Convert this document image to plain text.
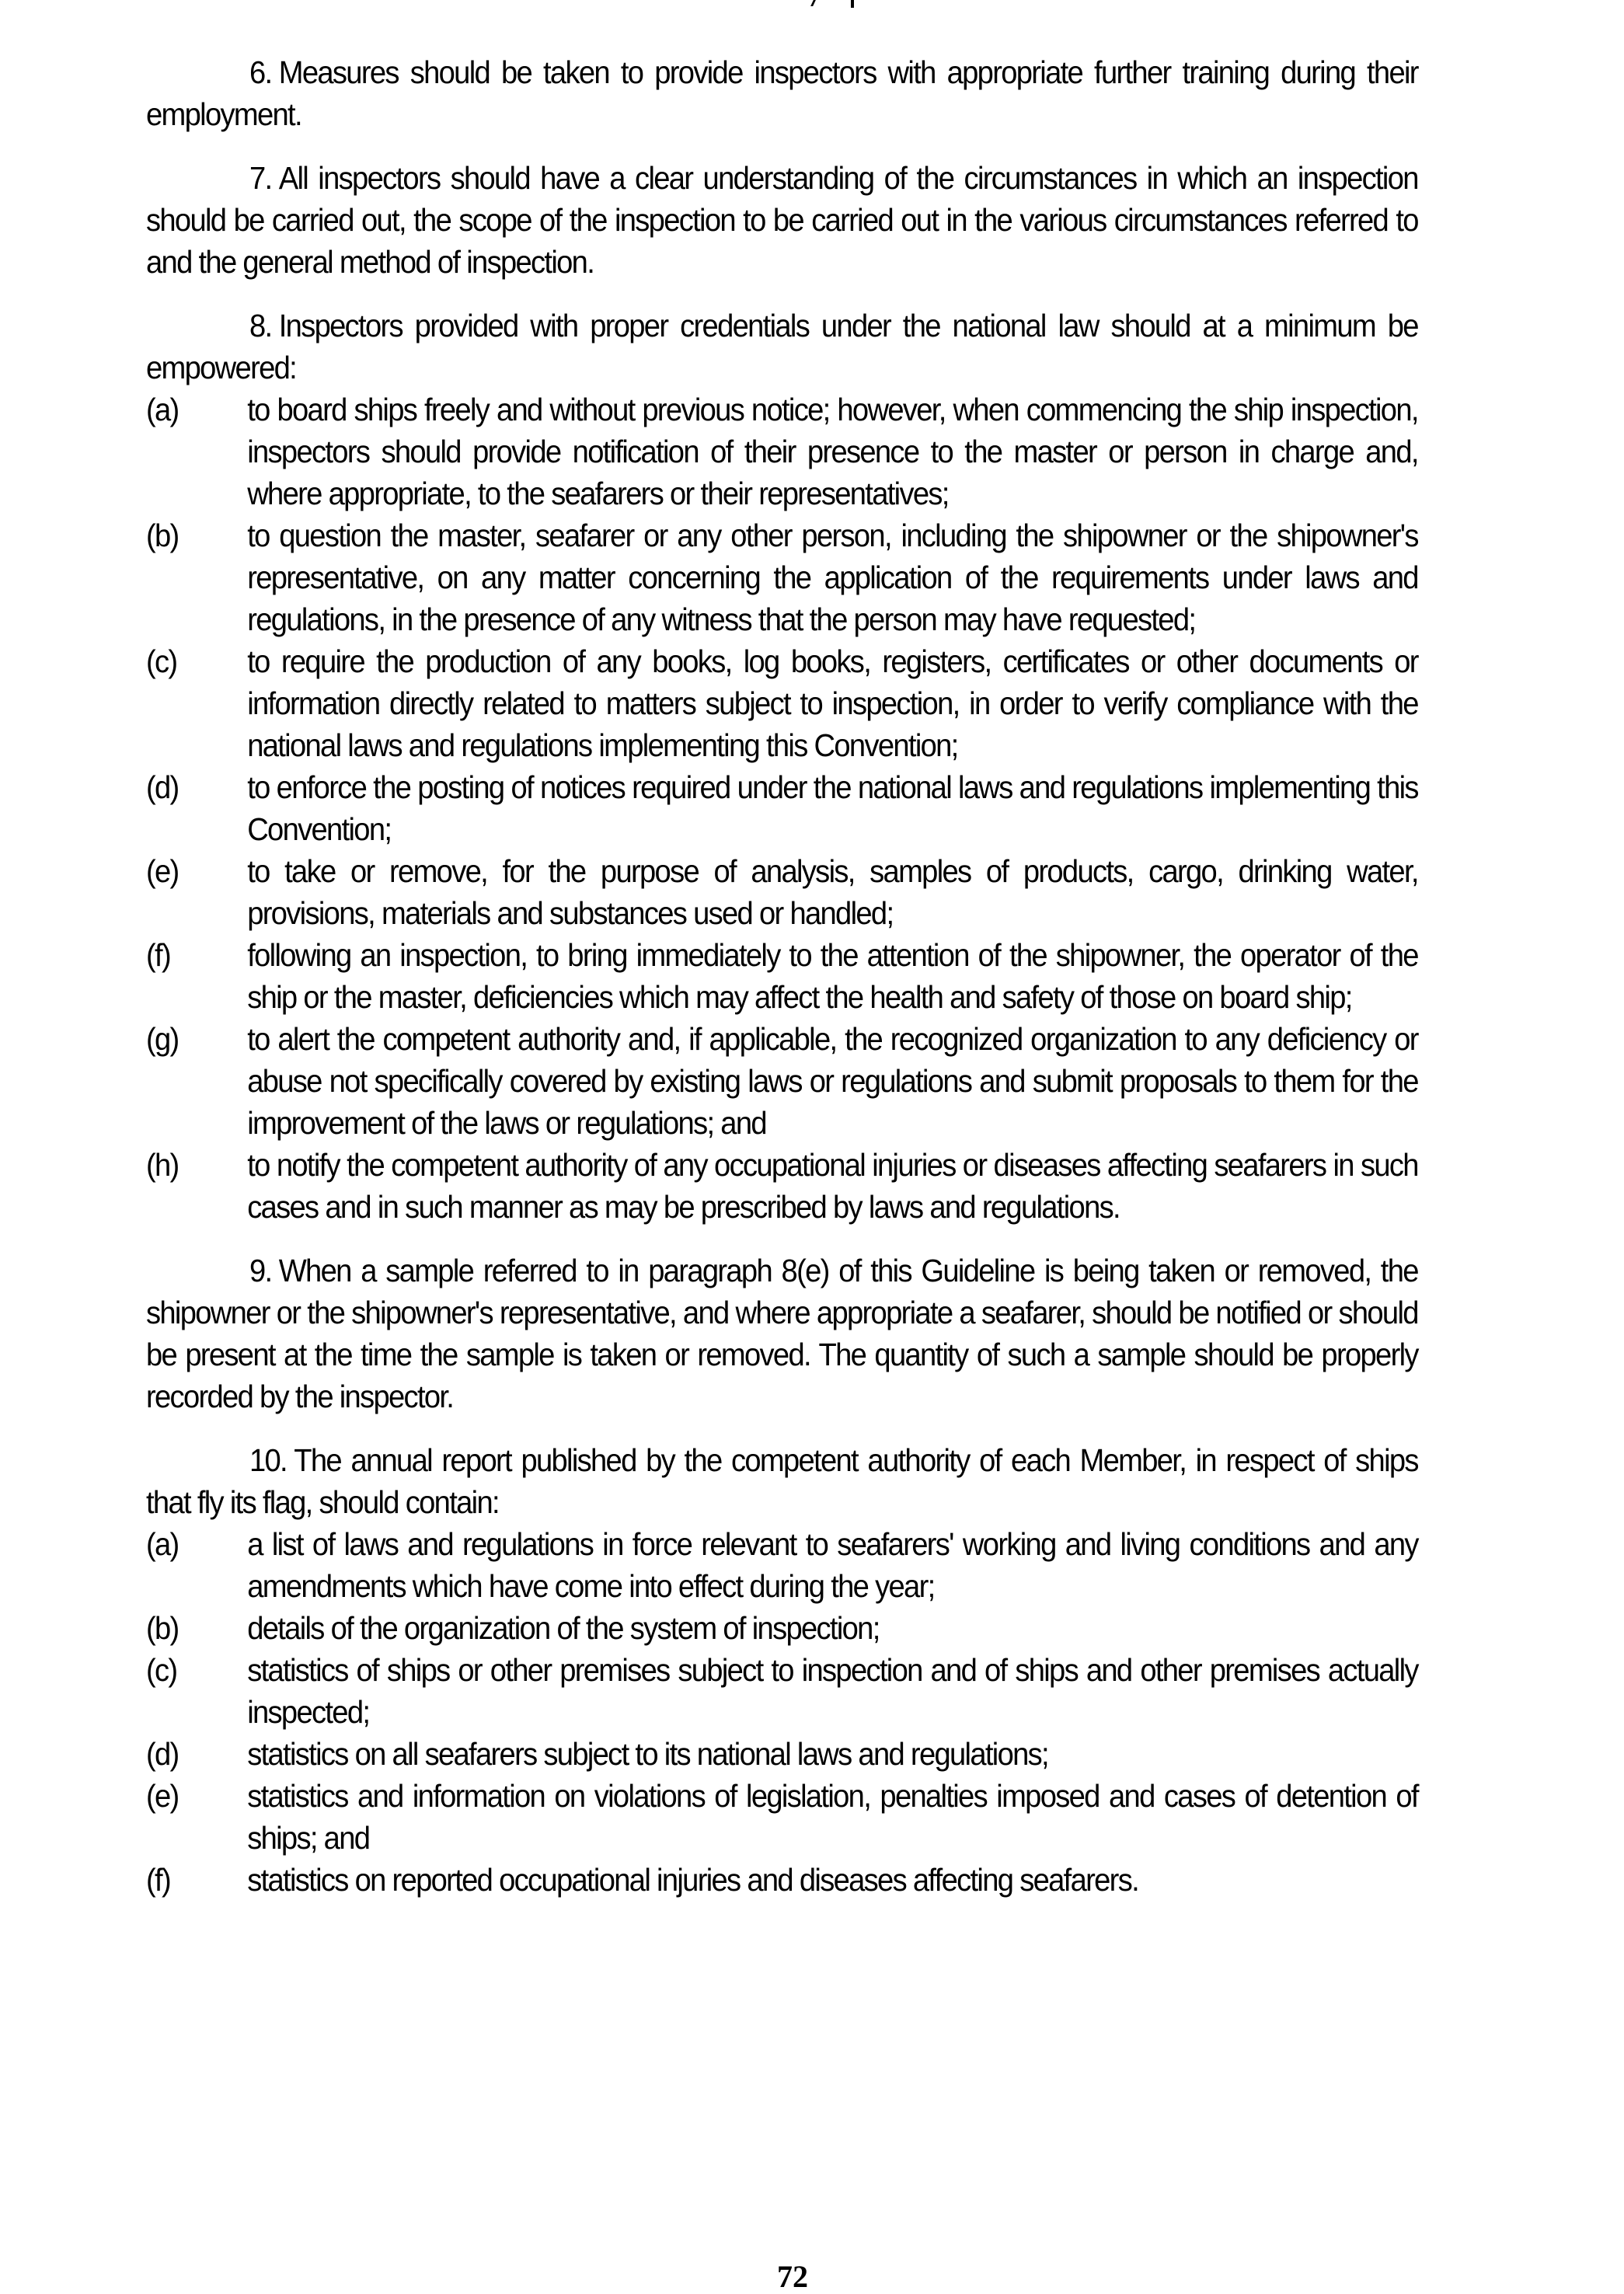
6. Measures should be taken to provide inspectors with appropriate further training during their employment.

7. All inspectors should have a clear understanding of the circumstances in which an inspection should be carried out, the scope of the inspection to be carried out in the various circumstances referred to and the general method of inspection.

8. Inspectors provided with proper credentials under the national law should at a minimum be empowered:

(a)	to board ships freely and without previous notice; however, when commencing the ship inspection, inspectors should provide notification of their presence to the master or person in charge and, where appropriate, to the seafarers or their representatives;
(b)	to question the master, seafarer or any other person, including the shipowner or the shipowner's representative, on any matter concerning the application of the requirements under laws and regulations, in the presence of any witness that the person may have requested;
(c)	to require the production of any books, log books, registers, certificates or other documents or information directly related to matters subject to inspection, in order to verify compliance with the national laws and regulations implementing this Convention;
(d)	to enforce the posting of notices required under the national laws and regulations implementing this Convention;
(e)	to take or remove, for the purpose of analysis, samples of products, cargo, drinking water, provisions, materials and substances used or handled;
(f)	following an inspection, to bring immediately to the attention of the shipowner, the operator of the ship or the master, deficiencies which may affect the health and safety of those on board ship;
(g)	to alert the competent authority and, if applicable, the recognized organization to any deficiency or abuse not specifically covered by existing laws or regulations and submit proposals to them for the improvement of the laws or regulations; and
(h)	to notify the competent authority of any occupational injuries or diseases affecting seafarers in such cases and in such manner as may be prescribed by laws and regulations.

9. When a sample referred to in paragraph 8(e) of this Guideline is being taken or removed, the shipowner or the shipowner's representative, and where appropriate a seafarer, should be notified or should be present at the time the sample is taken or removed. The quantity of such a sample should be properly recorded by the inspector.

10. The annual report published by the competent authority of each Member, in respect of ships that fly its flag, should contain:

(a)	a list of laws and regulations in force relevant to seafarers' working and living conditions and any amendments which have come into effect during the year;
(b)	details of the organization of the system of inspection;
(c)	statistics of ships or other premises subject to inspection and of ships and other premises actually inspected;
(d)	statistics on all seafarers subject to its national laws and regulations;
(e)	statistics and information on violations of legislation, penalties imposed and cases of detention of ships; and
(f)	statistics on reported occupational injuries and diseases affecting seafarers.
72
